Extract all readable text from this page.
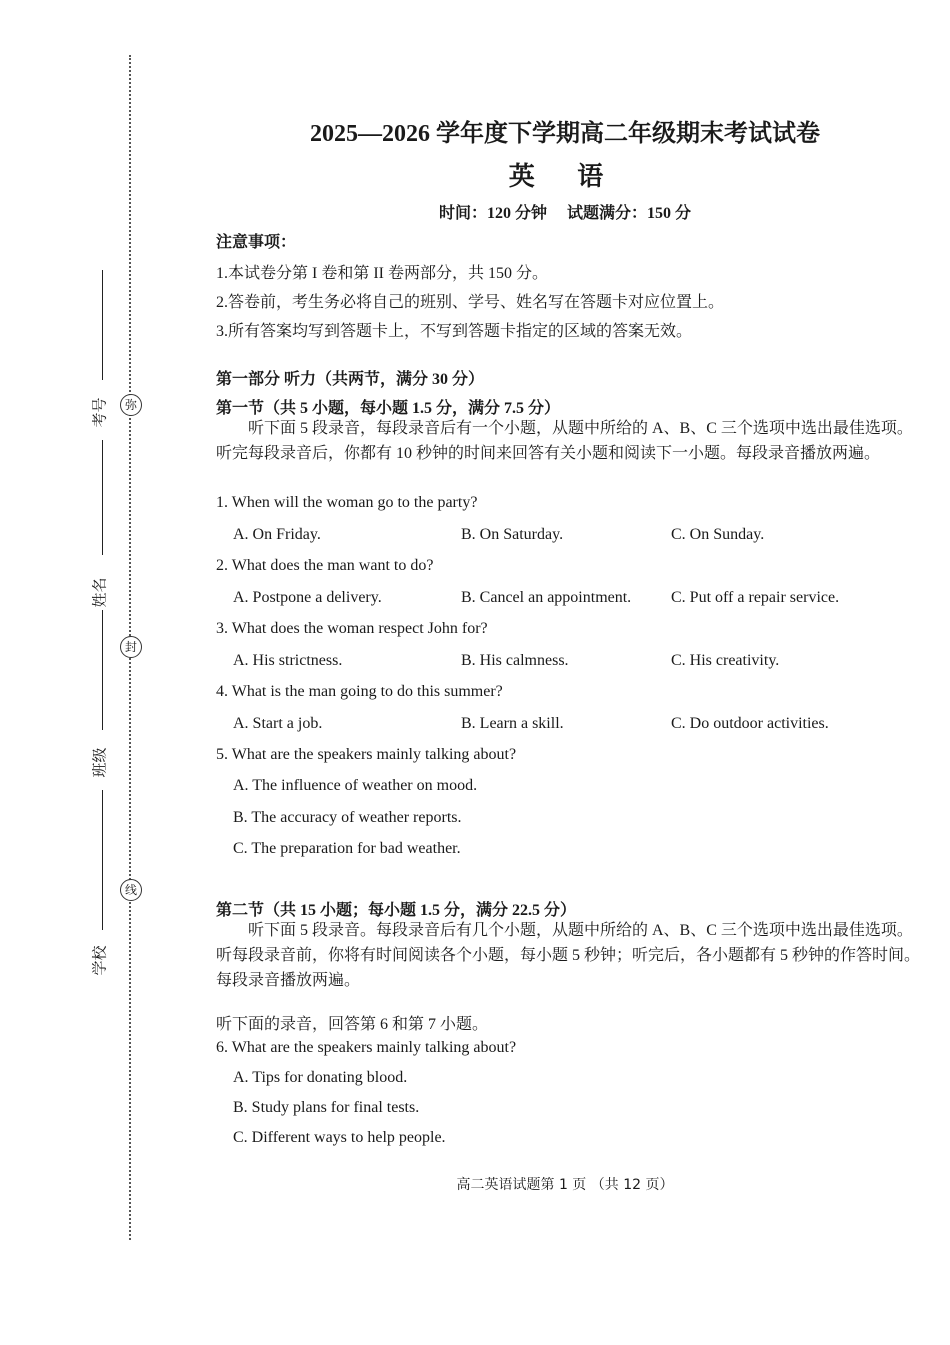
弥
封
线
考号
姓名
班级
学校
2025—2026 学年度下学期高二年级期末考试试卷
英 语
时间：120 分钟 试题满分：150 分
注意事项：
1.本试卷分第 I 卷和第 II 卷两部分，共 150 分。
2.答卷前，考生务必将自己的班别、学号、姓名写在答题卡对应位置上。
3.所有答案均写到答题卡上，不写到答题卡指定的区域的答案无效。
第一部分 听力（共两节，满分 30 分）
第一节（共 5 小题，每小题 1.5 分，满分 7.5 分）
听下面 5 段录音，每段录音后有一个小题，从题中所给的 A、B、C 三个选项中选出最佳选项。听完每段录音后，你都有 10 秒钟的时间来回答有关小题和阅读下一小题。每段录音播放两遍。
1. When will the woman go to the party?
A. On Friday.	B. On Saturday.	C. On Sunday.
2. What does the man want to do?
A. Postpone a delivery.	B. Cancel an appointment. C. Put off a repair service.
3. What does the woman respect John for?
A. His strictness.	B. His calmness.	C. His creativity.
4. What is the man going to do this summer?
A. Start a job.	B. Learn a skill.	C. Do outdoor activities.
5. What are the speakers mainly talking about?
A. The influence of weather on mood.
B. The accuracy of weather reports.
C. The preparation for bad weather.
第二节（共 15 小题；每小题 1.5 分，满分 22.5 分）
听下面 5 段录音。每段录音后有几个小题，从题中所给的 A、B、C 三个选项中选出最佳选项。听每段录音前，你将有时间阅读各个小题，每小题 5 秒钟；听完后，各小题都有 5 秒钟的作答时间。每段录音播放两遍。
听下面的录音，回答第 6 和第 7 小题。
6. What are the speakers mainly talking about?
A. Tips for donating blood.
B. Study plans for final tests.
C. Different ways to help people.
高二英语试题第 1 页 （共 12 页）
